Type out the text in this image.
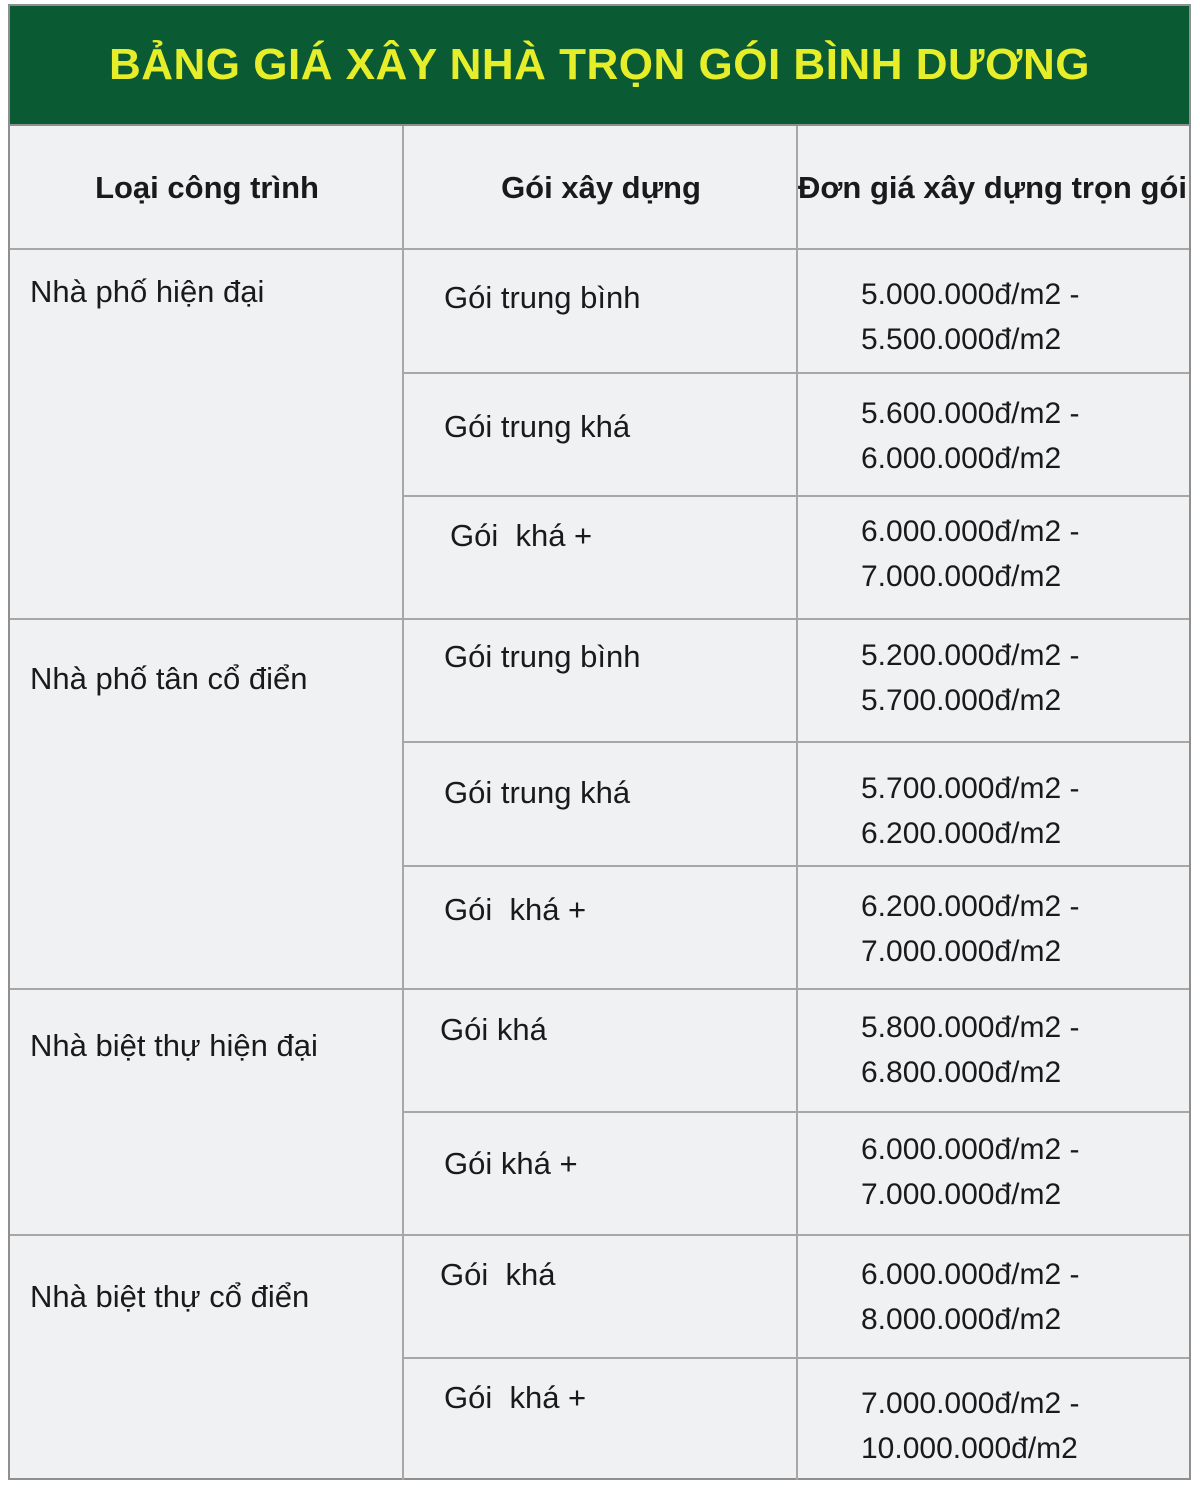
BẢNG GIÁ XÂY NHÀ TRỌN GÓI BÌNH DƯƠNG
Loại công trình	Gói xây dựng	Đơn giá xây dựng trọn gói
Nhà phố hiện đại	Gói trung bình	5.000.000đ/m2 -
5.500.000đ/m2
Gói trung khá	5.600.000đ/m2 -
6.000.000đ/m2
Gói  khá +	6.000.000đ/m2 -
7.000.000đ/m2
Nhà phố tân cổ điển
Gói trung bình	5.200.000đ/m2 -
5.700.000đ/m2
Gói trung khá	5.700.000đ/m2 -
6.200.000đ/m2
Gói  khá +	6.200.000đ/m2 -
7.000.000đ/m2
Nhà biệt thự hiện đại	Gói khá	5.800.000đ/m2 -
6.800.000đ/m2
Gói khá +	6.000.000đ/m2 -
7.000.000đ/m2
Nhà biệt thự cổ điển
Gói  khá	6.000.000đ/m2 -
8.000.000đ/m2
Gói  khá +	7.000.000đ/m2 -
10.000.000đ/m2
